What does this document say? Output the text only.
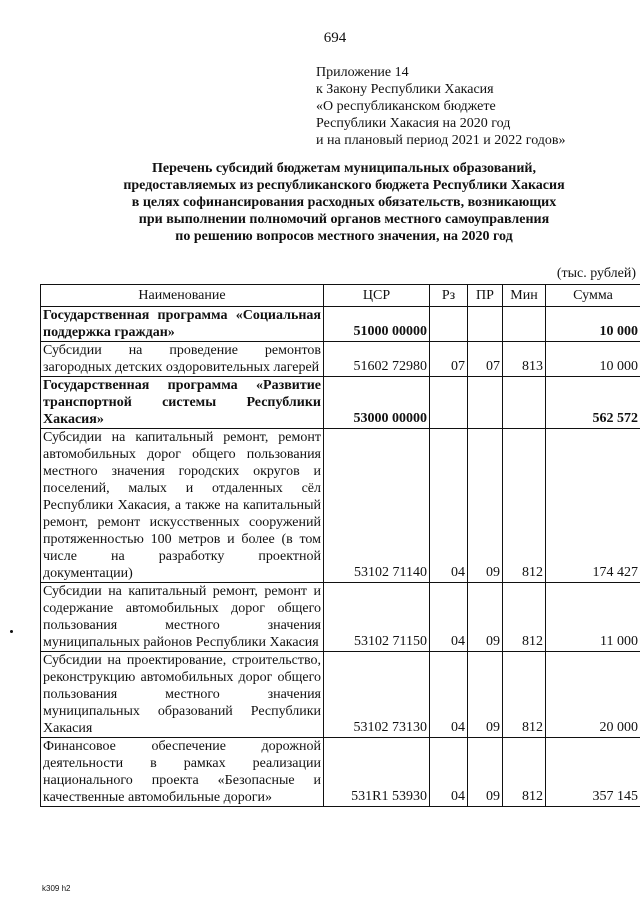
694
Приложение 14
к Закону Республики Хакасия
«О республиканском бюджете
Республики Хакасия на 2020 год
и на плановый период 2021 и 2022 годов»
Перечень субсидий бюджетам муниципальных образований,
предоставляемых из республиканского бюджета Республики Хакасия
в целях софинансирования расходных обязательств, возникающих
при выполнении полномочий органов местного самоуправления
по решению вопросов местного значения, на 2020 год
(тыс. рублей)
Наименование	ЦСР	Рз	ПР	Мин	Сумма
Государственная программа «Социальная поддержка граждан»	51000 00000				10 000
Субсидии на проведение ремонтов загородных детских оздоровительных лагерей	51602 72980	07	07	813	10 000
Государственная программа «Развитие транспортной системы Республики Хакасия»	53000 00000				562 572
Субсидии на капитальный ремонт, ремонт автомобильных дорог общего пользования местного значения городских округов и поселений, малых и отдаленных сёл Республики Хакасия, а также на капитальный ремонт, ремонт искусственных сооружений протяженностью 100 метров и более (в том числе на разработку проектной документации)	53102 71140	04	09	812	174 427
Субсидии на капитальный ремонт, ремонт и содержание автомобильных дорог общего пользования местного значения муниципальных районов Республики Хакасия	53102 71150	04	09	812	11 000
Субсидии на проектирование, строительство, реконструкцию автомобильных дорог общего пользования местного значения муниципальных образований Республики Хакасия	53102 73130	04	09	812	20 000
Финансовое обеспечение дорожной деятельности в рамках реализации национального проекта «Безопасные и качественные автомобильные дороги»	531R1 53930	04	09	812	357 145
k309 h2
